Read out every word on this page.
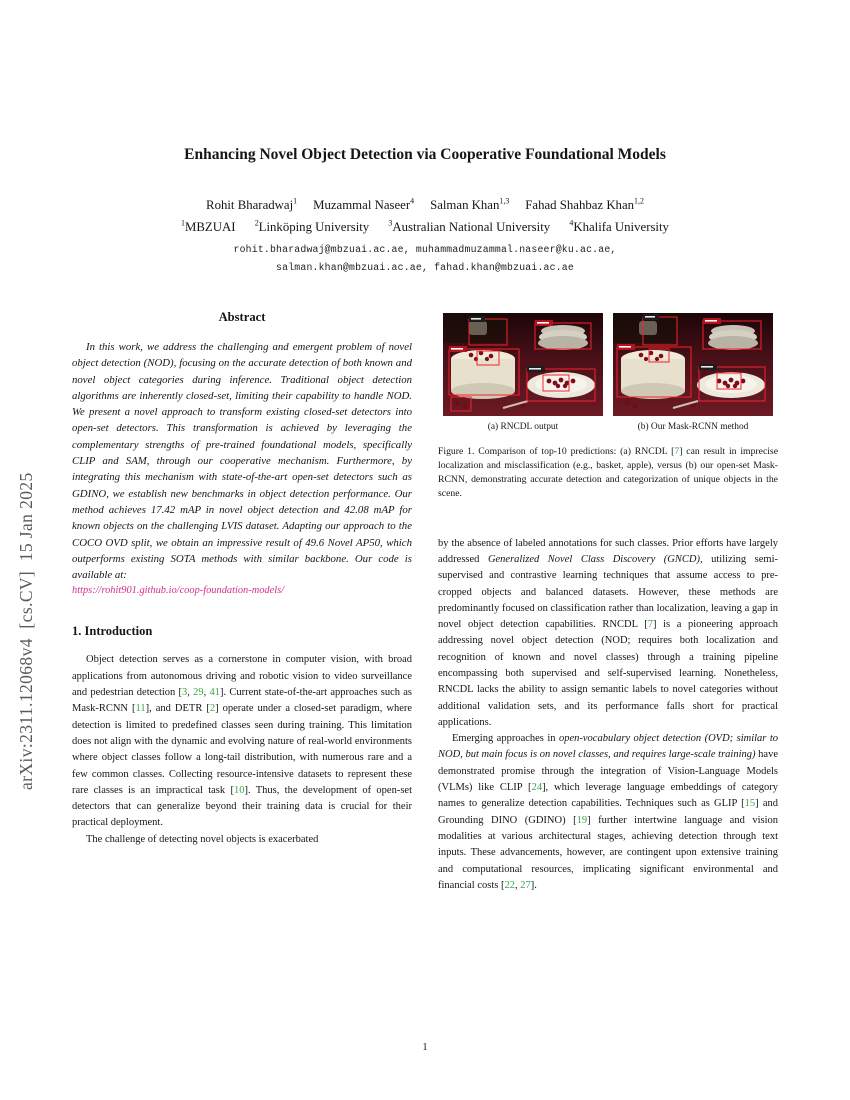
arXiv:2311.12068v4  [cs.CV]  15 Jan 2025
Enhancing Novel Object Detection via Cooperative Foundational Models
Rohit Bharadwaj$^1$ Muzammal Naseer$^4$ Salman Khan$^{1,3}$ Fahad Shahbaz Khan$^{1,2}$
$^1$MBZUAI $^2$Linköping University $^3$Australian National University $^4$Khalifa University
rohit.bharadwaj@mbzuai.ac.ae, muhammadmuzammal.naseer@ku.ac.ae,
salman.khan@mbzuai.ac.ae, fahad.khan@mbzuai.ac.ae
Abstract

In this work, we address the challenging and emergent problem of novel object detection (NOD), focusing on the accurate detection of both known and novel object categories during inference. Traditional object detection algorithms are inherently closed-set, limiting their capability to handle NOD. We present a novel approach to transform existing closed-set detectors into open-set detectors. This transformation is achieved by leveraging the complementary strengths of pre-trained foundational models, specifically CLIP and SAM, through our cooperative mechanism. Furthermore, by integrating this mechanism with state-of-the-art open-set detectors such as GDINO, we establish new benchmarks in object detection performance. Our method achieves 17.42 mAP in novel object detection and 42.08 mAP for known objects on the challenging LVIS dataset. Adapting our approach to the COCO OVD split, we obtain an impressive result of 49.6 Novel AP50, which outperforms existing SOTA methods with similar backbone. Our code is available at:

https://rohit901.github.io/coop-foundation-models/
1. Introduction

Object detection serves as a cornerstone in computer vision, with broad applications from autonomous driving and robotic vision to video surveillance and pedestrian detection [3, 29, 41]. Current state-of-the-art approaches such as Mask-RCNN [11], and DETR [2] operate under a closed-set paradigm, where detection is limited to predefined classes seen during training. This limitation does not align with the dynamic and evolving nature of real-world environments where object classes follow a long-tail distribution, with numerous rare and a few common classes. Collecting resource-intensive datasets to represent these rare classes is an impractical task [10]. Thus, the development of open-set detectors that can generalize beyond their training data is crucial for their practical deployment.

The challenge of detecting novel objects is exacerbated

(a) RNCDL output	(b) Our Mask-RCNN method
Figure 1. Comparison of top-10 predictions: (a) RNCDL [7] can result in imprecise localization and misclassification (e.g., basket, apple), versus (b) our open-set Mask-RCNN, demonstrating accurate detection and categorization of unique objects in the scene.

by the absence of labeled annotations for such classes. Prior efforts have largely addressed Generalized Novel Class Discovery (GNCD), utilizing semi-supervised and contrastive learning techniques that assume access to pre-cropped objects and balanced datasets. However, these methods are predominantly focused on classification rather than localization, leaving a gap in novel object detection capabilities. RNCDL [7] is a pioneering approach addressing novel object detection (NOD; requires both localization and recognition of known and novel classes) through a training pipeline encompassing both supervised and self-supervised learning. Nonetheless, RNCDL lacks the ability to assign semantic labels to novel categories without additional validation sets, and its performance falls short for practical applications.

Emerging approaches in open-vocabulary object detection (OVD; similar to NOD, but main focus is on novel classes, and requires large-scale training) have demonstrated promise through the integration of Vision-Language Models (VLMs) like CLIP [24], which leverage language embeddings of category names to generalize detection capabilities. Techniques such as GLIP [15] and Grounding DINO (GDINO) [19] further intertwine language and vision modalities at various architectural stages, achieving detection through text inputs. These advancements, however, are contingent upon extensive training and computational resources, implicating significant environmental and financial costs [22, 27].

1
